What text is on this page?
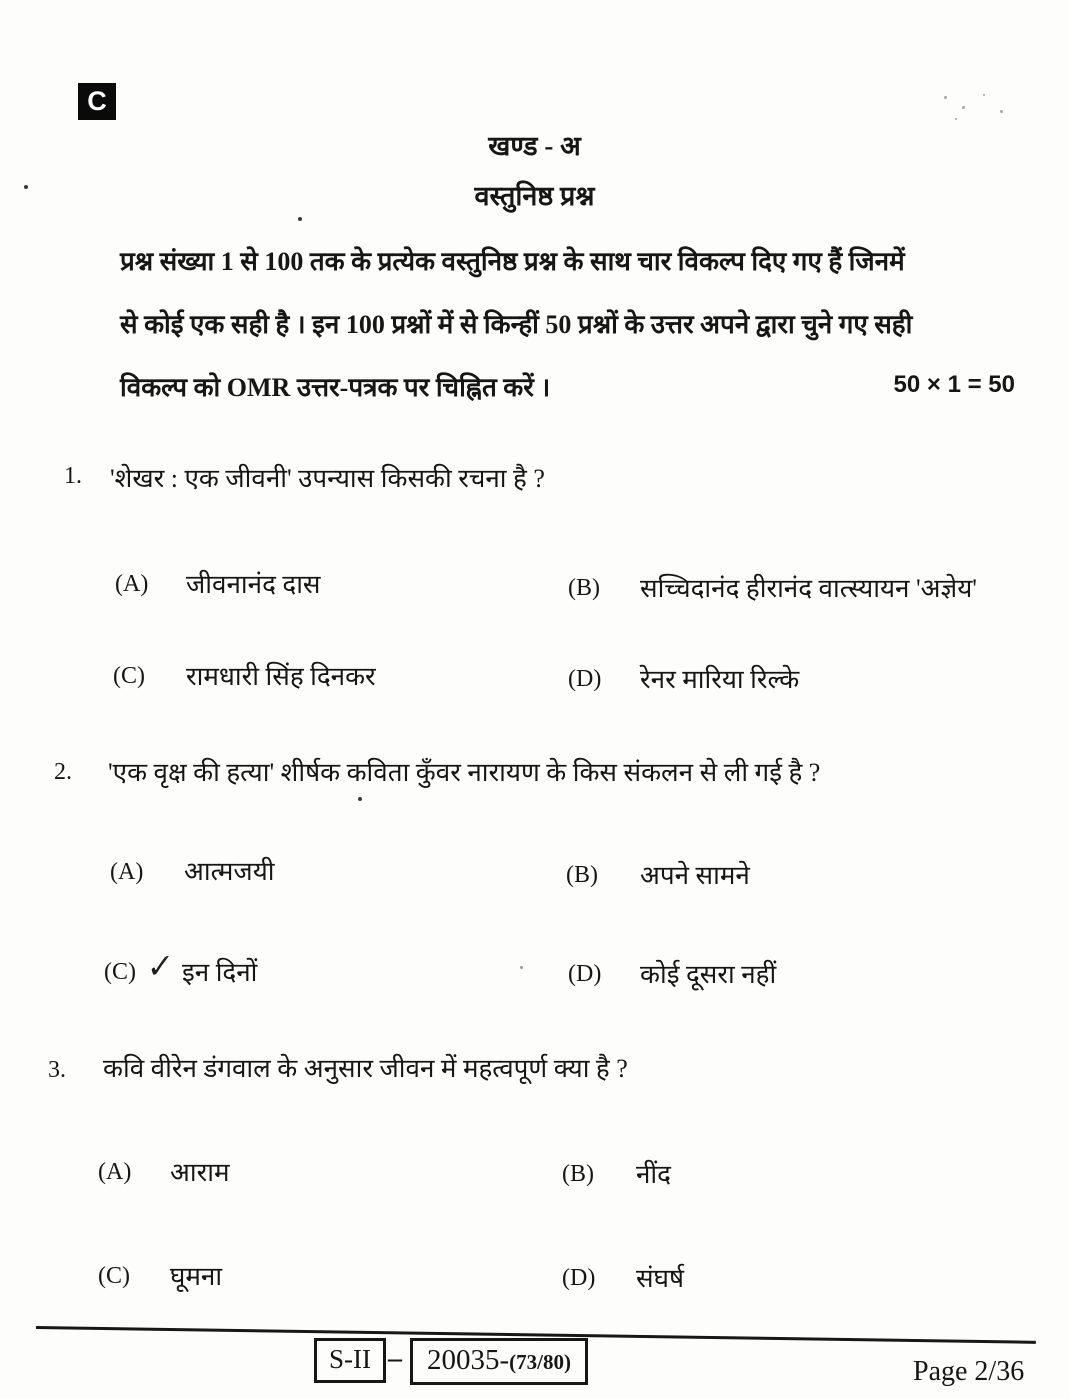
C
खण्ड - अ
वस्तुनिष्ठ प्रश्न
प्रश्न संख्या 1 से 100 तक के प्रत्येक वस्तुनिष्ठ प्रश्न के साथ चार विकल्प दिए गए हैं जिनमें
से कोई एक सही है । इन 100 प्रश्नों में से किन्हीं 50 प्रश्नों के उत्तर अपने द्वारा चुने गए सही
विकल्प को OMR उत्तर-पत्रक पर चिह्नित करें ।	50 × 1 = 50
1. 'शेखर : एक जीवनी' उपन्यास किसकी रचना है ?
(A) जीवनानंद दास	(B) सच्चिदानंद हीरानंद वात्स्यायन 'अज्ञेय'
(C) रामधारी सिंह दिनकर	(D) रेनर मारिया रिल्के
2. 'एक वृक्ष की हत्या' शीर्षक कविता कुँवर नारायण के किस संकलन से ली गई है ?
(A) आत्मजयी	(B) अपने सामने
(C) ✓ इन दिनों	(D) कोई दूसरा नहीं
3. कवि वीरेन डंगवाल के अनुसार जीवन में महत्वपूर्ण क्या है ?
(A) आराम	(B) नींद
(C) घूमना	(D) संघर्ष
S-II – 20035-(73/80)	Page 2/36
